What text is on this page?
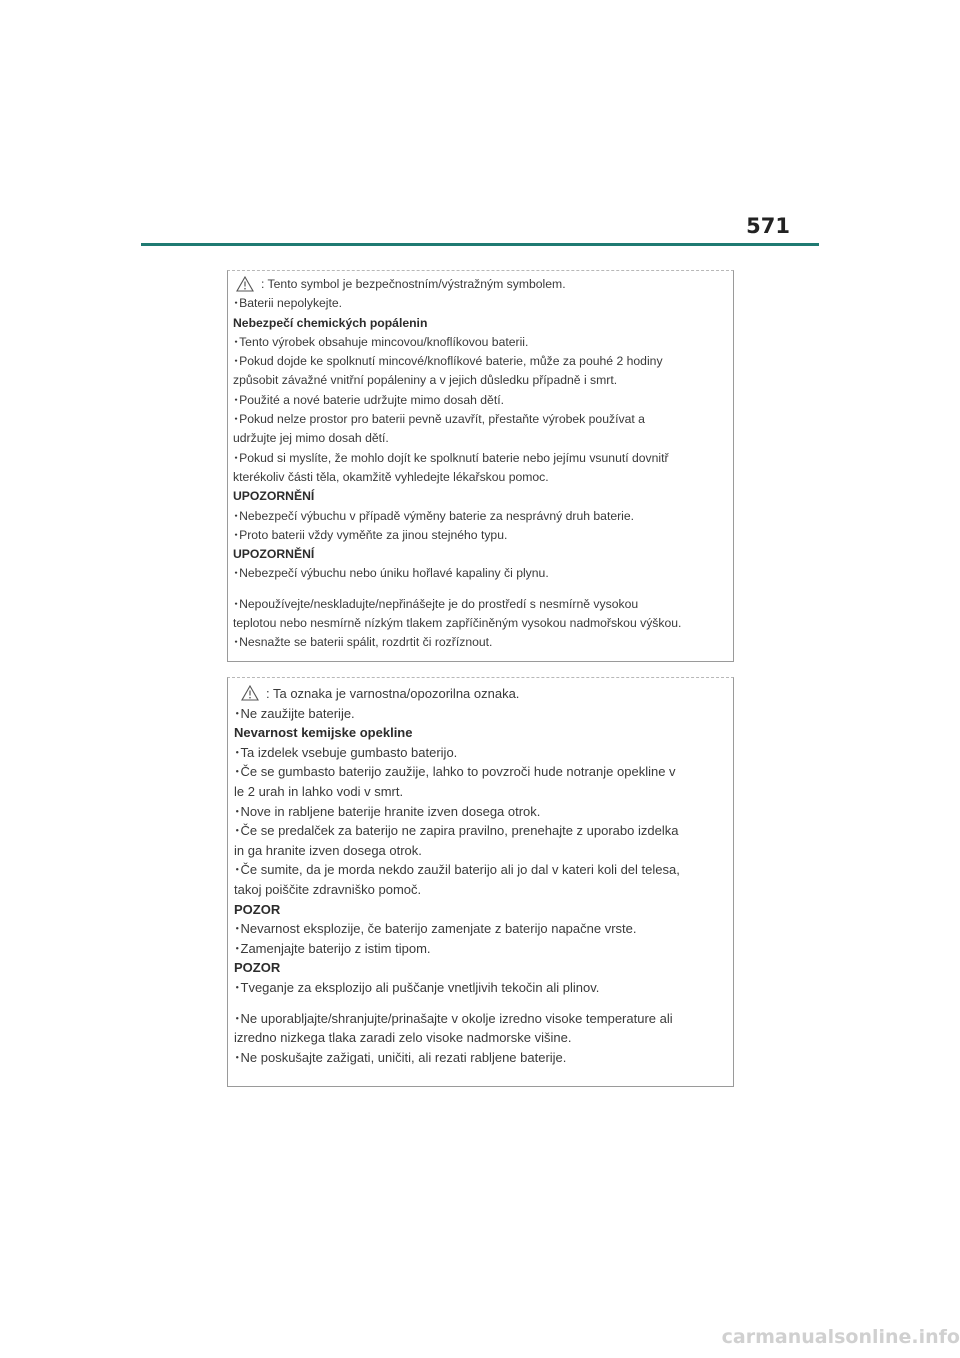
571
: Tento symbol je bezpečnostním/výstražným symbolem.
･Baterii nepolykejte.
Nebezpečí chemických popálenin
･Tento výrobek obsahuje mincovou/knoflíkovou baterii.
･Pokud dojde ke spolknutí mincové/knoflíkové baterie, může za pouhé 2 hodiny
způsobit závažné vnitřní popáleniny a v jejich důsledku případně i smrt.
･Použité a nové baterie udržujte mimo dosah dětí.
･Pokud nelze prostor pro baterii pevně uzavřít, přestaňte výrobek používat a
udržujte jej mimo dosah dětí.
･Pokud si myslíte, že mohlo dojít ke spolknutí baterie nebo jejímu vsunutí dovnitř
kterékoliv části těla, okamžitě vyhledejte lékařskou pomoc.
UPOZORNĚNÍ
･Nebezpečí výbuchu v případě výměny baterie za nesprávný druh baterie.
･Proto baterii vždy vyměňte za jinou stejného typu.
UPOZORNĚNÍ
･Nebezpečí výbuchu nebo úniku hořlavé kapaliny či plynu.
･Nepoužívejte/neskladujte/nepřinášejte je do prostředí s nesmírně vysokou
teplotou nebo nesmírně nízkým tlakem zapříčiněným vysokou nadmořskou výškou.
･Nesnažte se baterii spálit, rozdrtit či rozříznout.
: Ta oznaka je varnostna/opozorilna oznaka.
･Ne zaužijte baterije.
Nevarnost kemijske opekline
･Ta izdelek vsebuje gumbasto baterijo.
･Če se gumbasto baterijo zaužije, lahko to povzroči hude notranje opekline v
le 2 urah in lahko vodi v smrt.
･Nove in rabljene baterije hranite izven dosega otrok.
･Če se predalček za baterijo ne zapira pravilno, prenehajte z uporabo izdelka
in ga hranite izven dosega otrok.
･Če sumite, da je morda nekdo zaužil baterijo ali jo dal v kateri koli del telesa,
takoj poiščite zdravniško pomoč.
POZOR
･Nevarnost eksplozije, če baterijo zamenjate z baterijo napačne vrste.
･Zamenjajte baterijo z istim tipom.
POZOR
･Tveganje za eksplozijo ali puščanje vnetljivih tekočin ali plinov.
･Ne uporabljajte/shranjujte/prinašajte v okolje izredno visoke temperature ali
izredno nizkega tlaka zaradi zelo visoke nadmorske višine.
･Ne poskušajte zažigati, uničiti, ali rezati rabljene baterije.
carmanualsonline.info
